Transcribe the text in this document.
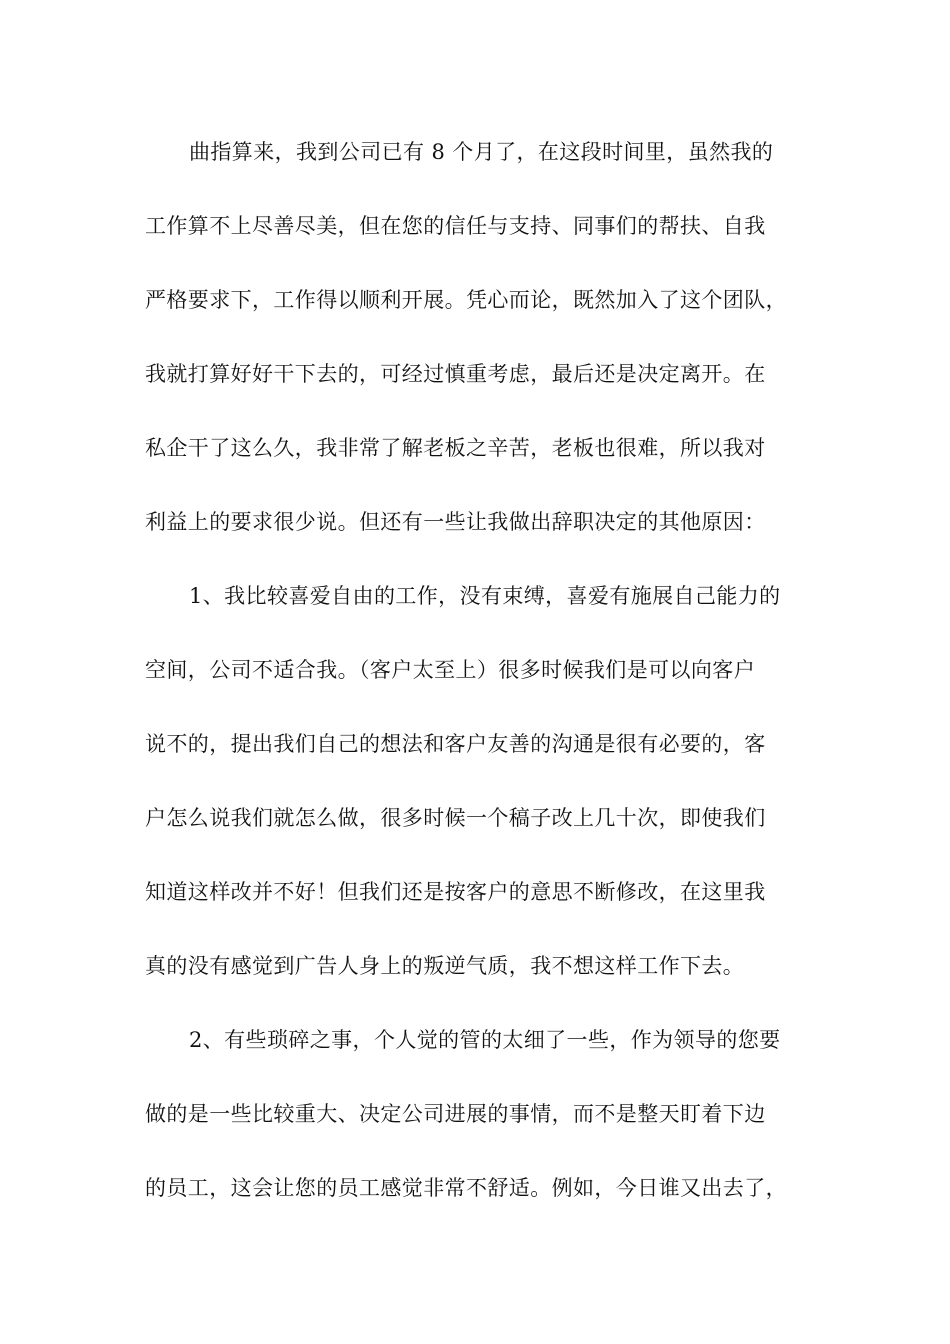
曲指算来，我到公司已有 8 个月了，在这段时间里，虽然我的
工作算不上尽善尽美，但在您的信任与支持、同事们的帮扶、自我
严格要求下，工作得以顺利开展。凭心而论，既然加入了这个团队，
我就打算好好干下去的，可经过慎重考虑，最后还是决定离开。在
私企干了这么久，我非常了解老板之辛苦，老板也很难，所以我对
利益上的要求很少说。但还有一些让我做出辞职决定的其他原因：
1、我比较喜爱自由的工作，没有束缚，喜爱有施展自己能力的
空间，公司不适合我。（客户太至上）很多时候我们是可以向客户
说不的，提出我们自己的想法和客户友善的沟通是很有必要的，客
户怎么说我们就怎么做，很多时候一个稿子改上几十次，即使我们
知道这样改并不好！但我们还是按客户的意思不断修改，在这里我
真的没有感觉到广告人身上的叛逆气质，我不想这样工作下去。
2、有些琐碎之事，个人觉的管的太细了一些，作为领导的您要
做的是一些比较重大、决定公司进展的事情，而不是整天盯着下边
的员工，这会让您的员工感觉非常不舒适。例如，今日谁又出去了，
